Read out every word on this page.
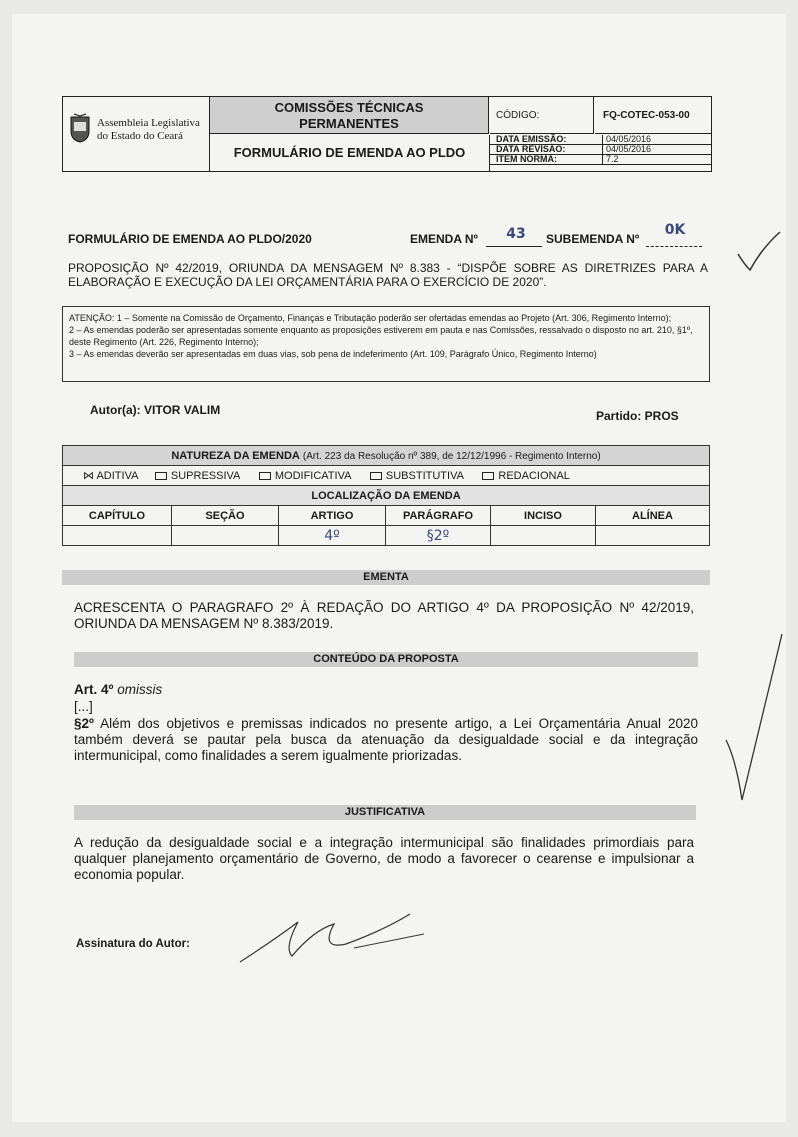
Assembleia Legislativa
do Estado do Ceará
COMISSÕES TÉCNICAS
PERMANENTES
FORMULÁRIO DE EMENDA AO PLDO
CÓDIGO:	FQ-COTEC-053-00
DATA EMISSÃO:	04/05/2016
DATA REVISÃO:	04/05/2016
ITEM NORMA:	7.2
FORMULÁRIO DE EMENDA AO PLDO/2020	EMENDA Nº	43	SUBEMENDA Nº
0K
PROPOSIÇÃO Nº 42/2019, ORIUNDA DA MENSAGEM Nº 8.383 - “DISPÕE SOBRE AS DIRETRIZES PARA A ELABORAÇÃO E EXECUÇÃO DA LEI ORÇAMENTÁRIA PARA O EXERCÍCIO DE 2020”.
ATENÇÃO: 1 – Somente na Comissão de Orçamento, Finanças e Tributação poderão ser ofertadas emendas ao Projeto (Art. 306, Regimento Interno);
2 – As emendas poderão ser apresentadas somente enquanto as proposições estiverem em pauta e nas Comissões, ressalvado o disposto no art. 210, §1º, deste Regimento (Art. 226, Regimento Interno);
3 – As emendas deverão ser apresentadas em duas vias, sob pena de indeferimento (Art. 109, Parágrafo Único, Regimento Interno)
Autor(a): VITOR VALIM	Partido: PROS
NATUREZA DA EMENDA (Art. 223 da Resolução nº 389, de 12/12/1996 - Regimento Interno)					
⋈ ADITIVA SUPRESSIVA MODIFICATIVA SUBSTITUTIVA REDACIONAL					
LOCALIZAÇÃO DA EMENDA					
CAPÍTULO	SEÇÃO	ARTIGO	PARÁGRAFO	INCISO	ALÍNEA
		4º	§2º		
EMENTA
ACRESCENTA O PARAGRAFO 2º À REDAÇÃO DO ARTIGO 4º DA PROPOSIÇÃO Nº 42/2019, ORIUNDA DA MENSAGEM Nº 8.383/2019.
CONTEÚDO DA PROPOSTA
Art. 4º omissis
[...]
§2º Além dos objetivos e premissas indicados no presente artigo, a Lei Orçamentária Anual 2020 também deverá se pautar pela busca da atenuação da desigualdade social e da integração intermunicipal, como finalidades a serem igualmente priorizadas.
JUSTIFICATIVA
A redução da desigualdade social e a integração intermunicipal são finalidades primordiais para qualquer planejamento orçamentário de Governo, de modo a favorecer o cearense e impulsionar a economia popular.
Assinatura do Autor:
